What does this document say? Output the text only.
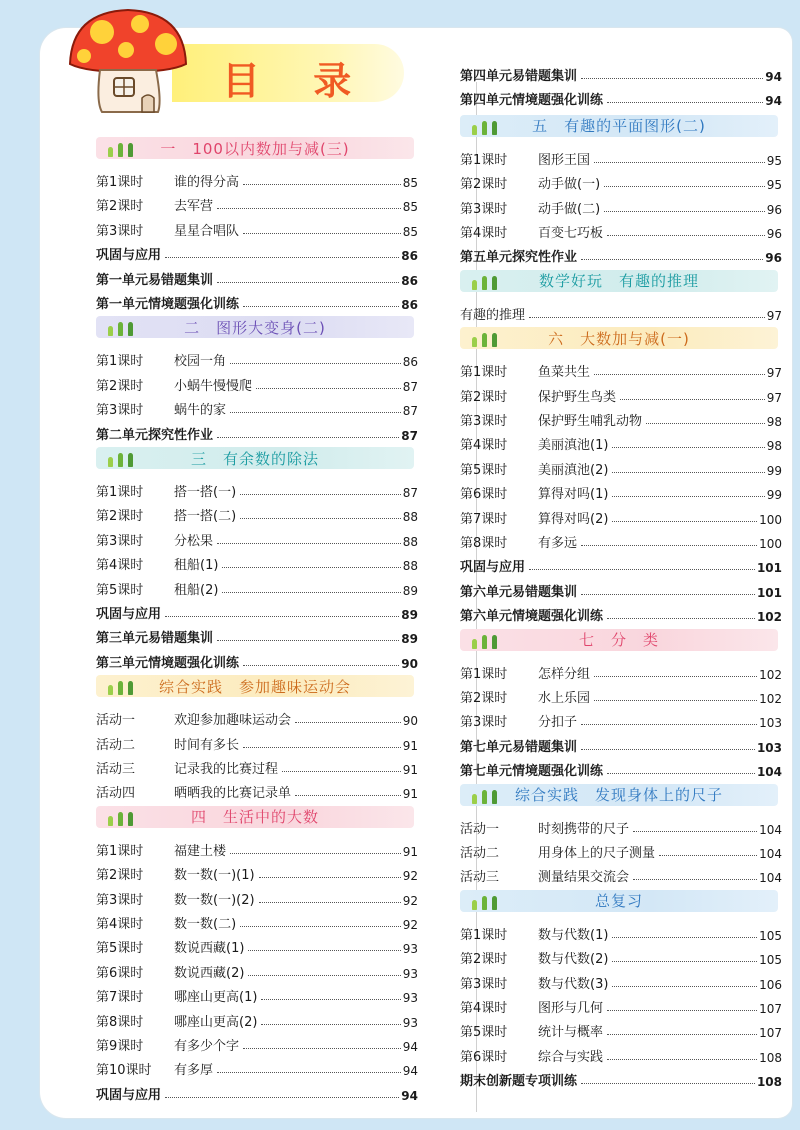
目 录
一　100以内数加与减(三)
第1课时 谁的得分高	85
第2课时 去军营	85
第3课时 星星合唱队	85
巩固与应用	86
第一单元易错题集训	86
第一单元情境题强化训练	86
二　图形大变身(二)
第1课时 校园一角	86
第2课时 小蜗牛慢慢爬	87
第3课时 蜗牛的家	87
第二单元探究性作业	87
三　有余数的除法
第1课时 搭一搭(一)	87
第2课时 搭一搭(二)	88
第3课时 分松果	88
第4课时 租船(1)	88
第5课时 租船(2)	89
巩固与应用	89
第三单元易错题集训	89
第三单元情境题强化训练	90
综合实践　参加趣味运动会
活动一	欢迎参加趣味运动会	90
活动二	时间有多长	91
活动三	记录我的比赛过程	91
活动四	晒晒我的比赛记录单	91
四　生活中的大数
第1课时 福建土楼	91
第2课时 数一数(一)(1)	92
第3课时 数一数(一)(2)	92
第4课时 数一数(二)	92
第5课时 数说西藏(1)	93
第6课时 数说西藏(2)	93
第7课时 哪座山更高(1)	93
第8课时 哪座山更高(2)	93
第9课时 有多少个字	94
第10课时 有多厚	94
巩固与应用	94
第四单元易错题集训	94
第四单元情境题强化训练	94
五　有趣的平面图形(二)
第1课时 图形王国	95
第2课时 动手做(一)	95
第3课时 动手做(二)	96
第4课时 百变七巧板	96
第五单元探究性作业	96
数学好玩　有趣的推理
有趣的推理	97
六　大数加与减(一)
第1课时 鱼菜共生	97
第2课时 保护野生鸟类	97
第3课时 保护野生哺乳动物	98
第4课时 美丽滇池(1)	98
第5课时 美丽滇池(2)	99
第6课时 算得对吗(1)	99
第7课时 算得对吗(2)	100
第8课时 有多远	100
巩固与应用	101
第六单元易错题集训	101
第六单元情境题强化训练	102
七　分　类
第1课时 怎样分组	102
第2课时 水上乐园	102
第3课时 分扣子	103
第七单元易错题集训	103
第七单元情境题强化训练	104
综合实践　发现身体上的尺子
活动一	时刻携带的尺子	104
活动二	用身体上的尺子测量	104
活动三	测量结果交流会	104
总复习
第1课时 数与代数(1)	105
第2课时 数与代数(2)	105
第3课时 数与代数(3)	106
第4课时 图形与几何	107
第5课时 统计与概率	107
第6课时 综合与实践	108
期末创新题专项训练	108
